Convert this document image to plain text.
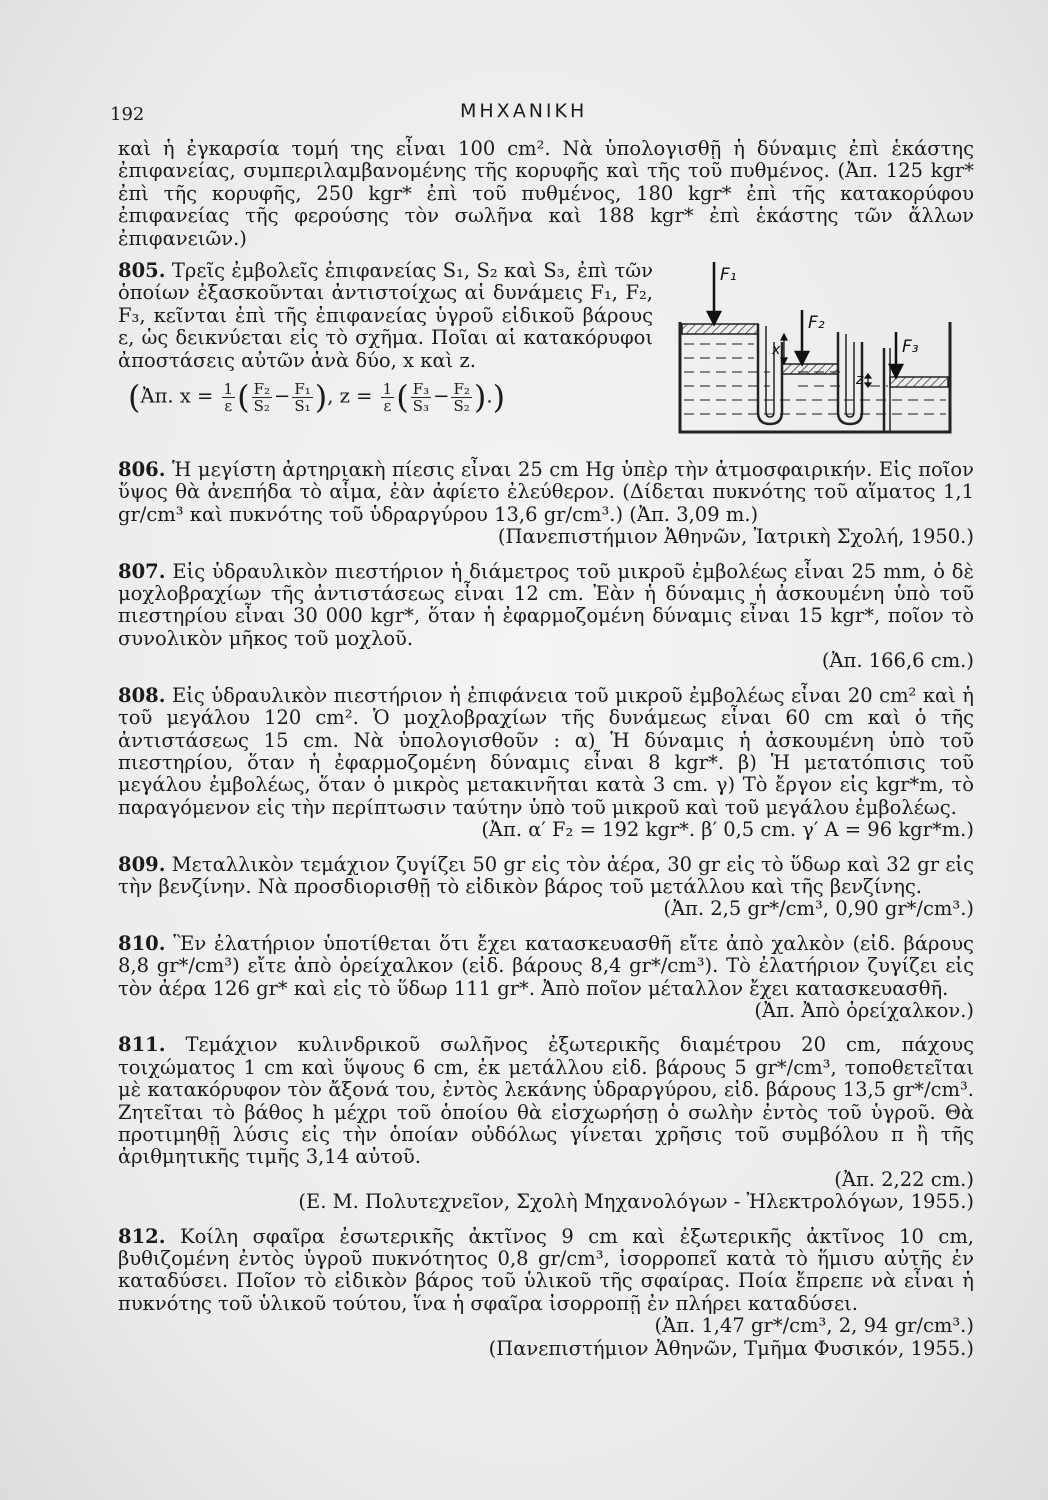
192	ΜΗΧΑΝΙΚΗ

καὶ ἡ ἐγκαρσία τομή της εἶναι 100 cm². Νὰ ὑπολογισθῇ ἡ δύναμις ἐπὶ ἑκάστης ἐπιφανείας, συμπεριλαμβανομένης τῆς κορυφῆς καὶ τῆς τοῦ πυθμένος. (Ἀπ. 125 kgr* ἐπὶ τῆς κορυφῆς, 250 kgr* ἐπὶ τοῦ πυθμένος, 180 kgr* ἐπὶ τῆς κατακορύφου ἐπιφανείας τῆς φερούσης τὸν σωλῆνα καὶ 188 kgr* ἐπὶ ἑκάστης τῶν ἄλλων ἐπιφανειῶν.)

F₁
F₂
F₃
x
z

805. Τρεῖς ἐμβολεῖς ἐπιφανείας S₁, S₂ καὶ S₃, ἐπὶ τῶν ὁποίων ἐξασκοῦνται ἀντιστοίχως αἱ δυνάμεις F₁, F₂, F₃, κεῖνται ἐπὶ τῆς ἐπιφανείας ὑγροῦ εἰδικοῦ βάρους ε, ὡς δεικνύεται εἰς τὸ σχῆμα. Ποῖαι αἱ κατακόρυφοι ἀποστάσεις αὐτῶν ἀνὰ δύο, x καὶ z.

(Ἀπ. $x = \frac{1}{\varepsilon}$ ( $\frac{\text{F₂}}{\text{S₂}} - \frac{\text{F₁}}{\text{S₁}}$ ), $z = \frac{1}{\varepsilon}$ ( $\frac{\text{F₃}}{\text{S₃}} - \frac{\text{F₂}}{\text{S₂}}$ ).)

806. Ἡ μεγίστη ἀρτηριακὴ πίεσις εἶναι 25 cm Hg ὑπὲρ τὴν ἀτμοσφαιρικήν. Εἰς ποῖον ὕψος θὰ ἀνεπήδα τὸ αἷμα, ἐὰν ἀφίετο ἐλεύθερον. (Δίδεται πυκνότης τοῦ αἵματος 1,1 gr/cm³ καὶ πυκνότης τοῦ ὑδραργύρου 13,6 gr/cm³.) (Ἀπ. 3,09 m.)

(Πανεπιστήμιον Ἀθηνῶν, Ἰατρικὴ Σχολή, 1950.)

807. Εἰς ὑδραυλικὸν πιεστήριον ἡ διάμετρος τοῦ μικροῦ ἐμβολέως εἶναι 25 mm, ὁ δὲ μοχλοβραχίων τῆς ἀντιστάσεως εἶναι 12 cm. Ἐὰν ἡ δύναμις ἡ ἀσκουμένη ὑπὸ τοῦ πιεστηρίου εἶναι 30 000 kgr*, ὅταν ἡ ἐφαρμοζομένη δύναμις εἶναι 15 kgr*, ποῖον τὸ συνολικὸν μῆκος τοῦ μοχλοῦ.

(Ἀπ. 166,6 cm.)

808. Εἰς ὑδραυλικὸν πιεστήριον ἡ ἐπιφάνεια τοῦ μικροῦ ἐμβολέως εἶναι 20 cm² καὶ ἡ τοῦ μεγάλου 120 cm². Ὁ μοχλοβραχίων τῆς δυνάμεως εἶναι 60 cm καὶ ὁ τῆς ἀντιστάσεως 15 cm. Νὰ ὑπολογισθοῦν : α) Ἡ δύναμις ἡ ἀσκουμένη ὑπὸ τοῦ πιεστηρίου, ὅταν ἡ ἐφαρμοζομένη δύναμις εἶναι 8 kgr*. β) Ἡ μετατόπισις τοῦ μεγάλου ἐμβολέως, ὅταν ὁ μικρὸς μετακινῆται κατὰ 3 cm. γ) Τὸ ἔργον εἰς kgr*m, τὸ παραγόμενον εἰς τὴν περίπτωσιν ταύτην ὑπὸ τοῦ μικροῦ καὶ τοῦ μεγάλου ἐμβολέως.

(Ἀπ. α′ F₂ = 192 kgr*. β′ 0,5 cm. γ′ A = 96 kgr*m.)

809. Μεταλλικὸν τεμάχιον ζυγίζει 50 gr εἰς τὸν ἀέρα, 30 gr εἰς τὸ ὕδωρ καὶ 32 gr εἰς τὴν βενζίνην. Νὰ προσδιορισθῇ τὸ εἰδικὸν βάρος τοῦ μετάλλου καὶ τῆς βενζίνης.

(Ἀπ. 2,5 gr*/cm³, 0,90 gr*/cm³.)

810. Ἓν ἐλατήριον ὑποτίθεται ὅτι ἔχει κατασκευασθῆ εἴτε ἀπὸ χαλκὸν (εἰδ. βάρους 8,8 gr*/cm³) εἴτε ἀπὸ ὀρείχαλκον (εἰδ. βάρους 8,4 gr*/cm³). Τὸ ἐλατήριον ζυγίζει εἰς τὸν ἀέρα 126 gr* καὶ εἰς τὸ ὕδωρ 111 gr*. Ἀπὸ ποῖον μέταλλον ἔχει κατασκευασθῆ.

(Ἀπ. Ἀπὸ ὀρείχαλκον.)

811. Τεμάχιον κυλινδρικοῦ σωλῆνος ἐξωτερικῆς διαμέτρου 20 cm, πάχους τοιχώματος 1 cm καὶ ὕψους 6 cm, ἐκ μετάλλου εἰδ. βάρους 5 gr*/cm³, τοποθετεῖται μὲ κατακόρυφον τὸν ἄξονά του, ἐντὸς λεκάνης ὑδραργύρου, εἰδ. βάρους 13,5 gr*/cm³. Ζητεῖται τὸ βάθος h μέχρι τοῦ ὁποίου θὰ εἰσχωρήσῃ ὁ σωλὴν ἐντὸς τοῦ ὑγροῦ. Θὰ προτιμηθῇ λύσις εἰς τὴν ὁποίαν οὐδόλως γίνεται χρῆσις τοῦ συμβόλου π ἢ τῆς ἀριθμητικῆς τιμῆς 3,14 αὐτοῦ.

(Ἀπ. 2,22 cm.)

(Ε. Μ. Πολυτεχνεῖον, Σχολὴ Μηχανολόγων - Ἠλεκτρολόγων, 1955.)

812. Κοίλη σφαῖρα ἐσωτερικῆς ἀκτῖνος 9 cm καὶ ἐξωτερικῆς ἀκτῖνος 10 cm, βυθιζομένη ἐντὸς ὑγροῦ πυκνότητος 0,8 gr/cm³, ἰσορροπεῖ κατὰ τὸ ἥμισυ αὐτῆς ἐν καταδύσει. Ποῖον τὸ εἰδικὸν βάρος τοῦ ὑλικοῦ τῆς σφαίρας. Ποία ἔπρεπε νὰ εἶναι ἡ πυκνότης τοῦ ὑλικοῦ τούτου, ἵνα ἡ σφαῖρα ἰσορροπῇ ἐν πλήρει καταδύσει.

(Ἀπ. 1,47 gr*/cm³, 2, 94 gr/cm³.)

(Πανεπιστήμιον Ἀθηνῶν, Τμῆμα Φυσικόν, 1955.)
